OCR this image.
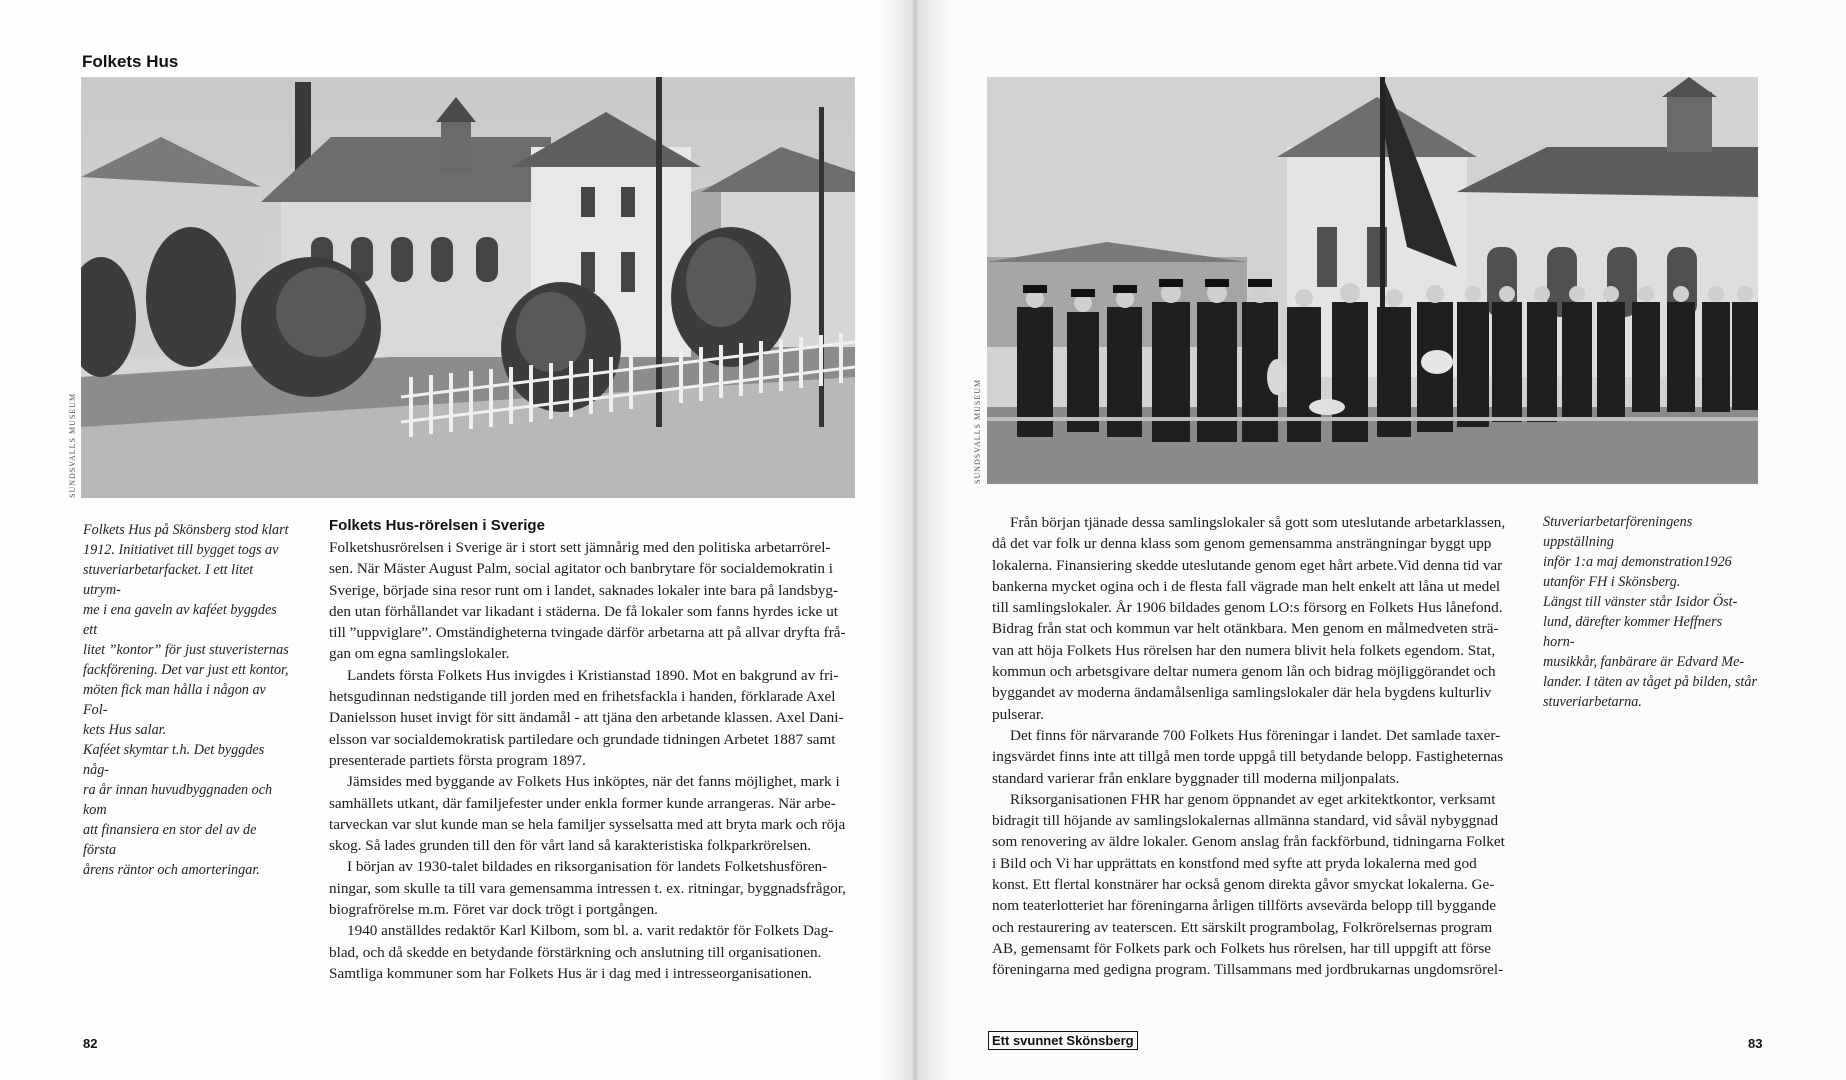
Folkets Hus
SUNDSVALLS MUSEUM

Folkets Hus på Skönsberg stod klart

1912. Initiativet till bygget togs av

stuveriarbetarfacket. I ett litet utrym-

me i ena gaveln av kaféet byggdes ett

litet ”kontor” för just stuveristernas

fackförening. Det var just ett kontor,

möten fick man hålla i någon av Fol-

kets Hus salar.

Kaféet skymtar t.h. Det byggdes någ-

ra år innan huvudbyggnaden och kom

att finansiera en stor del av de första

årens räntor och amorteringar.

Folkets Hus-rörelsen i Sverige

Folketshusrörelsen i Sverige är i stort sett jämnårig med den politiska arbetarrörel-

sen. När Mäster August Palm, social agitator och banbrytare för socialdemokratin i

Sverige, började sina resor runt om i landet, saknades lokaler inte bara på landsbyg-

den utan förhållandet var likadant i städerna. De få lokaler som fanns hyrdes icke ut

till ”uppviglare”. Omständigheterna tvingade därför arbetarna att på allvar dryfta frå-

gan om egna samlingslokaler.

Landets första Folkets Hus invigdes i Kristianstad 1890. Mot en bakgrund av fri-

hetsgudinnan nedstigande till jorden med en frihetsfackla i handen, förklarade Axel

Danielsson huset invigt för sitt ändamål - att tjäna den arbetande klassen. Axel Dani-

elsson var socialdemokratisk partiledare och grundade tidningen Arbetet 1887 samt

presenterade partiets första program 1897.

Jämsides med byggande av Folkets Hus inköptes, när det fanns möjlighet, mark i

samhällets utkant, där familjefester under enkla former kunde arrangeras. När arbe-

tarveckan var slut kunde man se hela familjer sysselsatta med att bryta mark och röja

skog. Så lades grunden till den för vårt land så karakteristiska folkparkrörelsen.

I början av 1930-talet bildades en riksorganisation för landets Folketshusfören-

ningar, som skulle ta till vara gemensamma intressen t. ex. ritningar, byggnadsfrågor,

biografrörelse m.m. Föret var dock trögt i portgången.

1940 anställdes redaktör Karl Kilbom, som bl. a. varit redaktör för Folkets Dag-

blad, och då skedde en betydande förstärkning och anslutning till organisationen.

Samtliga kommuner som har Folkets Hus är i dag med i intresseorganisationen.

82
SUNDSVALLS MUSEUM

Från början tjänade dessa samlingslokaler så gott som uteslutande arbetarklassen,

då det var folk ur denna klass som genom gemensamma ansträngningar byggt upp

lokalerna. Finansiering skedde uteslutande genom eget hårt arbete.Vid denna tid var

bankerna mycket ogina och i de flesta fall vägrade man helt enkelt att låna ut medel

till samlingslokaler. År 1906 bildades genom LO:s försorg en Folkets Hus lånefond.

Bidrag från stat och kommun var helt otänkbara. Men genom en målmedveten strä-

van att höja Folkets Hus rörelsen har den numera blivit hela folkets egendom. Stat,

kommun och arbetsgivare deltar numera genom lån och bidrag möjliggörandet och

byggandet av moderna ändamålsenliga samlingslokaler där hela bygdens kulturliv

pulserar.

Det finns för närvarande 700 Folkets Hus föreningar i landet. Det samlade taxer-

ingsvärdet finns inte att tillgå men torde uppgå till betydande belopp. Fastigheternas

standard varierar från enklare byggnader till moderna miljonpalats.

Riksorganisationen FHR har genom öppnandet av eget arkitektkontor, verksamt

bidragit till höjande av samlingslokalernas allmänna standard, vid såväl nybyggnad

som renovering av äldre lokaler. Genom anslag från fackförbund, tidningarna Folket

i Bild och Vi har upprättats en konstfond med syfte att pryda lokalerna med god

konst. Ett flertal konstnärer har också genom direkta gåvor smyckat lokalerna. Ge-

nom teaterlotteriet har föreningarna årligen tillförts avsevärda belopp till byggande

och restaurering av teaterscen. Ett särskilt programbolag, Folkrörelsernas program

AB, gemensamt för Folkets park och Folkets hus rörelsen, har till uppgift att förse

föreningarna med gedigna program. Tillsammans med jordbrukarnas ungdomsrörel-

Stuveriarbetarföreningens uppställning

inför 1:a maj demonstration1926

utanför FH i Skönsberg.

Längst till vänster står Isidor Öst-

lund, därefter kommer Heffners horn-

musikkår, fanbärare är Edvard Me-

lander. I täten av tåget på bilden, står

stuveriarbetarna.

Ett svunnet Skönsberg	83
